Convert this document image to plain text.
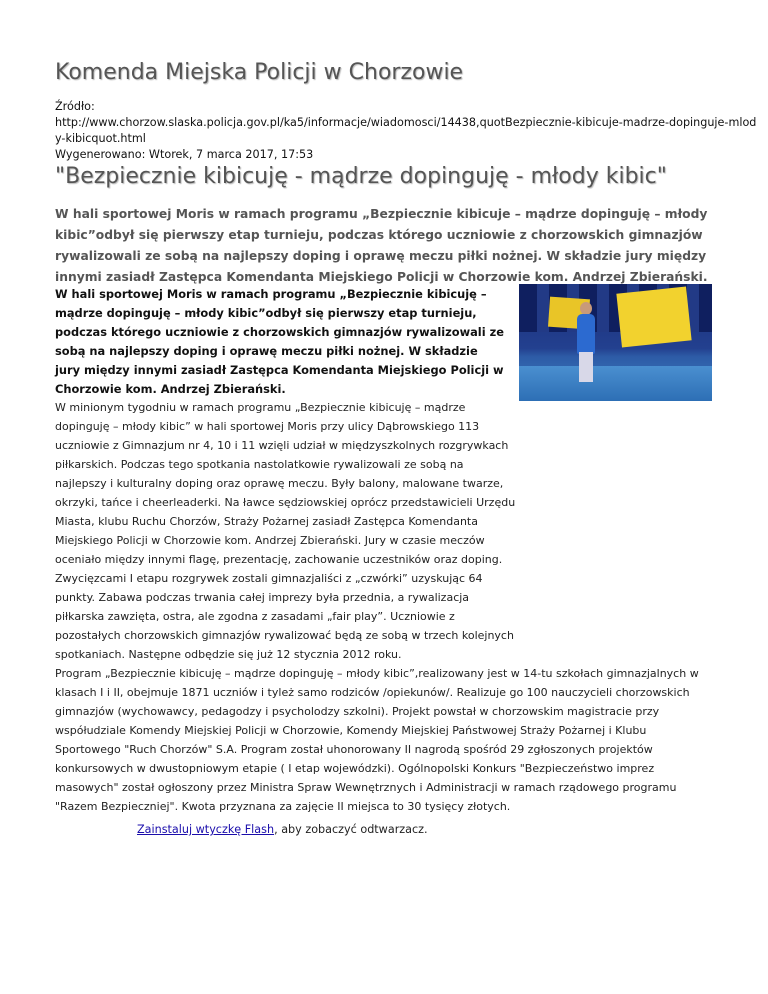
Komenda Miejska Policji w Chorzowie
Źródło:
http://www.chorzow.slaska.policja.gov.pl/ka5/informacje/wiadomosci/14438,quotBezpiecznie-kibicuje-madrze-dopinguje-mlod
y-kibicquot.html
Wygenerowano: Wtorek, 7 marca 2017, 17:53
"Bezpiecznie kibicuję - mądrze dopinguję - młody kibic"
W hali sportowej Moris w ramach programu „Bezpiecznie kibicuje – mądrze dopinguję – młody kibic”odbył się pierwszy etap turnieju, podczas którego uczniowie z chorzowskich gimnazjów rywalizowali ze sobą na najlepszy doping i oprawę meczu piłki nożnej. W składzie jury między innymi zasiadł Zastępca Komendanta Miejskiego Policji w Chorzowie kom. Andrzej Zbierański.
W hali sportowej Moris w ramach programu „Bezpiecznie kibicuję – mądrze dopinguję – młody kibic”odbył się pierwszy etap turnieju, podczas którego uczniowie z chorzowskich gimnazjów rywalizowali ze sobą na najlepszy doping i oprawę meczu piłki nożnej. W składzie jury między innymi zasiadł Zastępca Komendanta Miejskiego Policji w Chorzowie kom. Andrzej Zbierański.
W minionym tygodniu w ramach programu „Bezpiecznie kibicuję – mądrze dopinguję – młody kibic” w hali sportowej Moris przy ulicy Dąbrowskiego 113 uczniowie z Gimnazjum nr 4, 10 i 11 wzięli udział w międzyszkolnych rozgrywkach piłkarskich. Podczas tego spotkania nastolatkowie rywalizowali ze sobą na najlepszy i kulturalny doping oraz oprawę meczu. Były balony, malowane twarze, okrzyki, tańce i cheerleaderki. Na ławce sędziowskiej oprócz przedstawicieli Urzędu Miasta, klubu Ruchu Chorzów, Straży Pożarnej zasiadł Zastępca Komendanta Miejskiego Policji w Chorzowie kom. Andrzej Zbierański. Jury w czasie meczów oceniało między innymi flagę, prezentację, zachowanie uczestników oraz doping. Zwycięzcami I etapu rozgrywek zostali gimnazjaliści z „czwórki” uzyskując 64 punkty. Zabawa podczas trwania całej imprezy była przednia, a rywalizacja piłkarska zawzięta, ostra, ale zgodna z zasadami „fair play”. Uczniowie z pozostałych chorzowskich gimnazjów rywalizować będą ze sobą w trzech kolejnych spotkaniach. Następne odbędzie się już 12 stycznia 2012 roku.
Program „Bezpiecznie kibicuję – mądrze dopinguję – młody kibic”,realizowany jest w 14-tu szkołach gimnazjalnych w klasach I i II, obejmuje 1871 uczniów i tyleż samo rodziców /opiekunów/. Realizuje go 100 nauczycieli chorzowskich gimnazjów (wychowawcy, pedagodzy i psycholodzy szkolni). Projekt powstał w chorzowskim magistracie przy współudziale Komendy Miejskiej Policji w Chorzowie, Komendy Miejskiej Państwowej Straży Pożarnej i Klubu Sportowego "Ruch Chorzów" S.A. Program został uhonorowany II nagrodą spośród 29 zgłoszonych projektów konkursowych w dwustopniowym etapie ( I etap wojewódzki). Ogólnopolski Konkurs "Bezpieczeństwo imprez masowych" został ogłoszony przez Ministra Spraw Wewnętrznych i Administracji w ramach rządowego programu "Razem Bezpieczniej". Kwota przyznana za zajęcie II miejsca to 30 tysięcy złotych.
Zainstaluj wtyczkę Flash, aby zobaczyć odtwarzacz.
